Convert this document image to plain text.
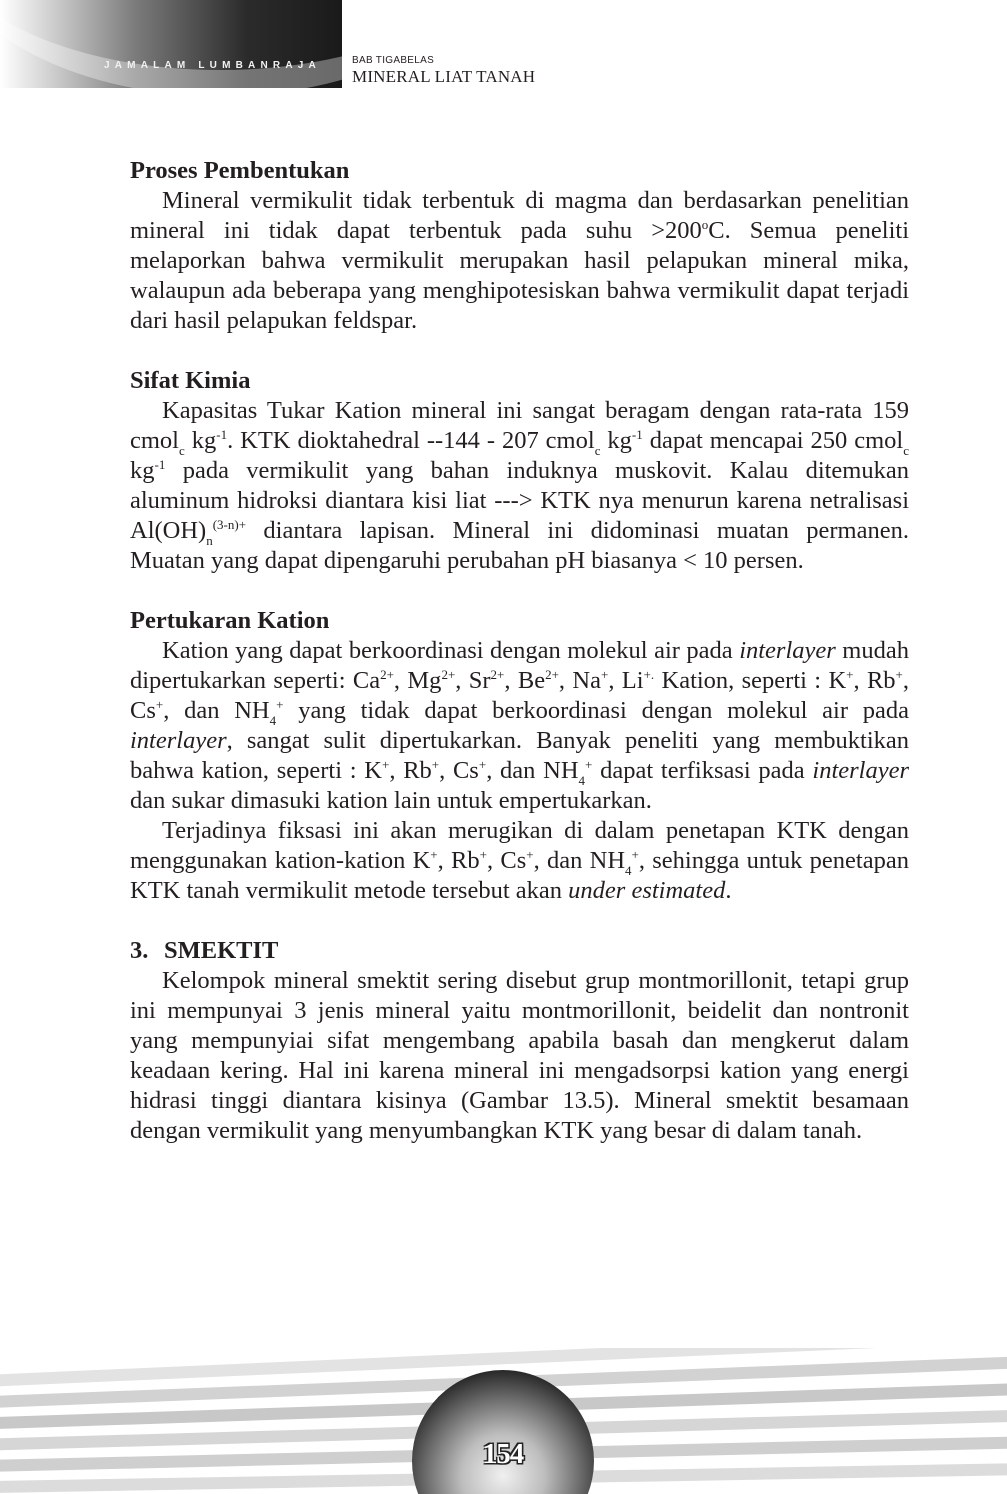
JAMALAM LUMBANRAJA	BAB TIGABELAS
MINERAL LIAT TANAH
Proses Pembentukan

Mineral vermikulit tidak terbentuk di magma dan berdasarkan penelitian mineral ini tidak dapat terbentuk pada suhu $>200^oC$. Semua peneliti melaporkan bahwa vermikulit merupakan hasil pelapukan mineral mika, walaupun ada beberapa yang menghipotesiskan bahwa vermikulit dapat terjadi dari hasil pelapukan feldspar.

Sifat Kimia

Kapasitas Tukar Kation mineral ini sangat beragam dengan rata-rata 159 cmol$_c$ $kg^{-1}$. KTK dioktahedral --144 - 207 cmol$_c$ $kg^{-1}$ dapat mencapai 250 cmol$_c$ $kg^{-1}$ pada vermikulit yang bahan induknya muskovit. Kalau ditemukan aluminum hidroksi diantara kisi liat ---> KTK nya menurun karena netralisasi $Al(OH)_n^{(3-n)+}$ diantara lapisan. Mineral ini didominasi muatan permanen. Muatan yang dapat dipengaruhi perubahan pH biasanya < 10 persen.

Pertukaran Kation

Kation yang dapat berkoordinasi dengan molekul air pada interlayer mudah dipertukarkan seperti: $Ca^{2+}$, $Mg^{2+}$, $Sr^{2+}$, $Be^{2+}$, Na+, Li+. Kation, seperti : K+, Rb+, Cs+, dan $NH_4^+$ yang tidak dapat berkoordinasi dengan molekul air pada interlayer, sangat sulit dipertukarkan. Banyak peneliti yang membuktikan bahwa kation, seperti : K+, Rb+, Cs+, dan $NH_4^+$ dapat terfiksasi pada interlayer dan sukar dimasuki kation lain untuk empertukarkan.

Terjadinya fiksasi ini akan merugikan di dalam penetapan KTK dengan menggunakan kation-kation K+, Rb+, Cs+, dan $NH_4^+$, sehingga untuk penetapan KTK tanah vermikulit metode tersebut akan under estimated.

3. SMEKTIT

Kelompok mineral smektit sering disebut grup montmorillonit, tetapi grup ini mempunyai 3 jenis mineral yaitu montmorillonit, beidelit dan nontronit yang mempunyiai sifat mengembang apabila basah dan mengkerut dalam keadaan kering. Hal ini karena mineral ini mengadsorpsi kation yang energi hidrasi tinggi diantara kisinya (Gambar 13.5). Mineral smektit besamaan dengan vermikulit yang menyumbangkan KTK yang besar di dalam tanah.

154
